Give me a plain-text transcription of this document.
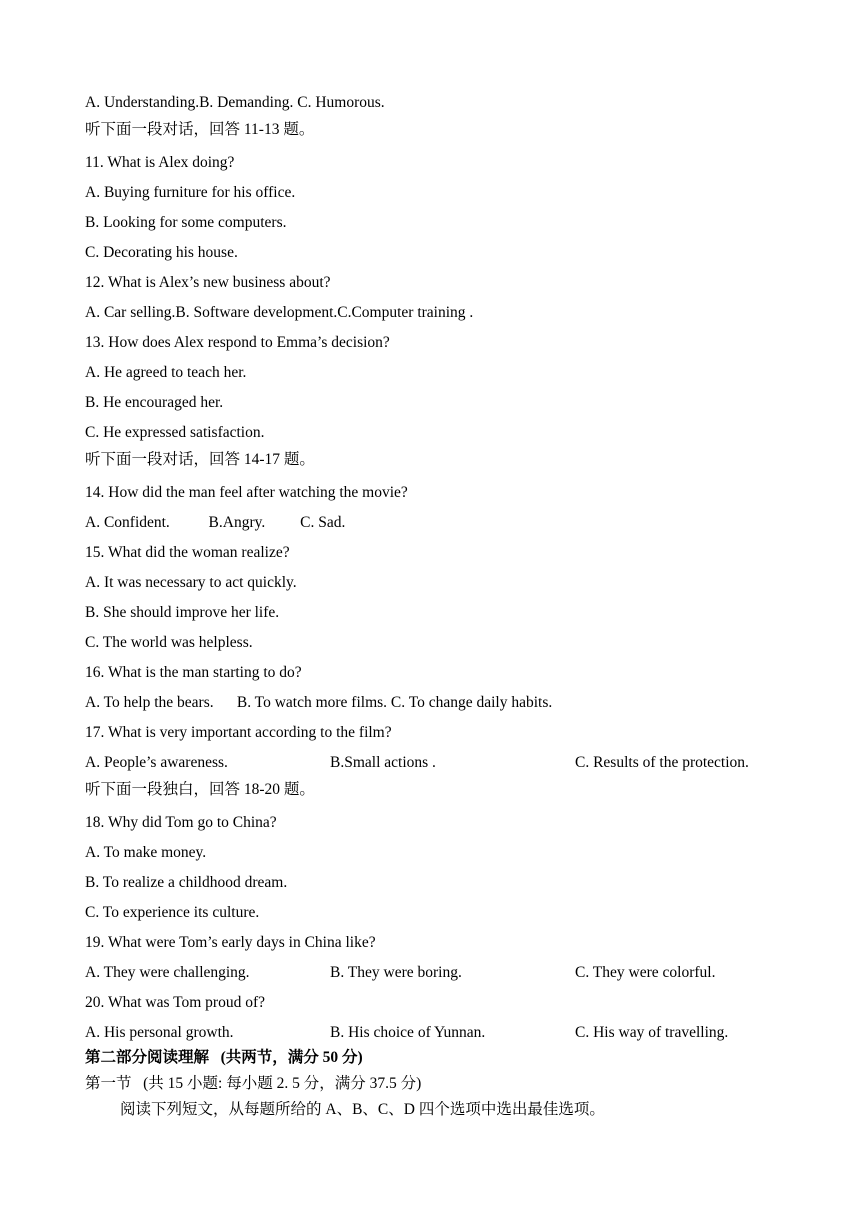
A. Understanding.B. Demanding. C. Humorous.
听下面一段对话，回答 11-13 题。
11. What is Alex doing?
A. Buying furniture for his office.
B. Looking for some computers.
C. Decorating his house.
12. What is Alex’s new business about?
A. Car selling.B. Software development.C.Computer training .
13. How does Alex respond to Emma’s decision?
A. He agreed to teach her.
B. He encouraged her.
C. He expressed satisfaction.
听下面一段对话，回答 14-17 题。
14. How did the man feel after watching the movie?
A. Confident.          B.Angry.         C. Sad.
15. What did the woman realize?
A. It was necessary to act quickly.
B. She should improve her life.
C. The world was helpless.
16. What is the man starting to do?
A. To help the bears.      B. To watch more films. C. To change daily habits.
17. What is very important according to the film?
A. People’s awareness.	B.Small actions .	C. Results of the protection.
听下面一段独白，回答 18-20 题。
18. Why did Tom go to China?
A. To make money.
B. To realize a childhood dream.
C. To experience its culture.
19. What were Tom’s early days in China like?
A. They were challenging.	B. They were boring.	C. They were colorful.
20. What was Tom proud of?
A. His personal growth.	B. His choice of Yunnan.	C. His way of travelling.
第二部分阅读理解   (共两节，满分 50 分)
第一节   (共 15 小题: 每小题 2. 5 分，满分 37.5 分)
阅读下列短文，从每题所给的 A、B、C、D 四个选项中选出最佳选项。
